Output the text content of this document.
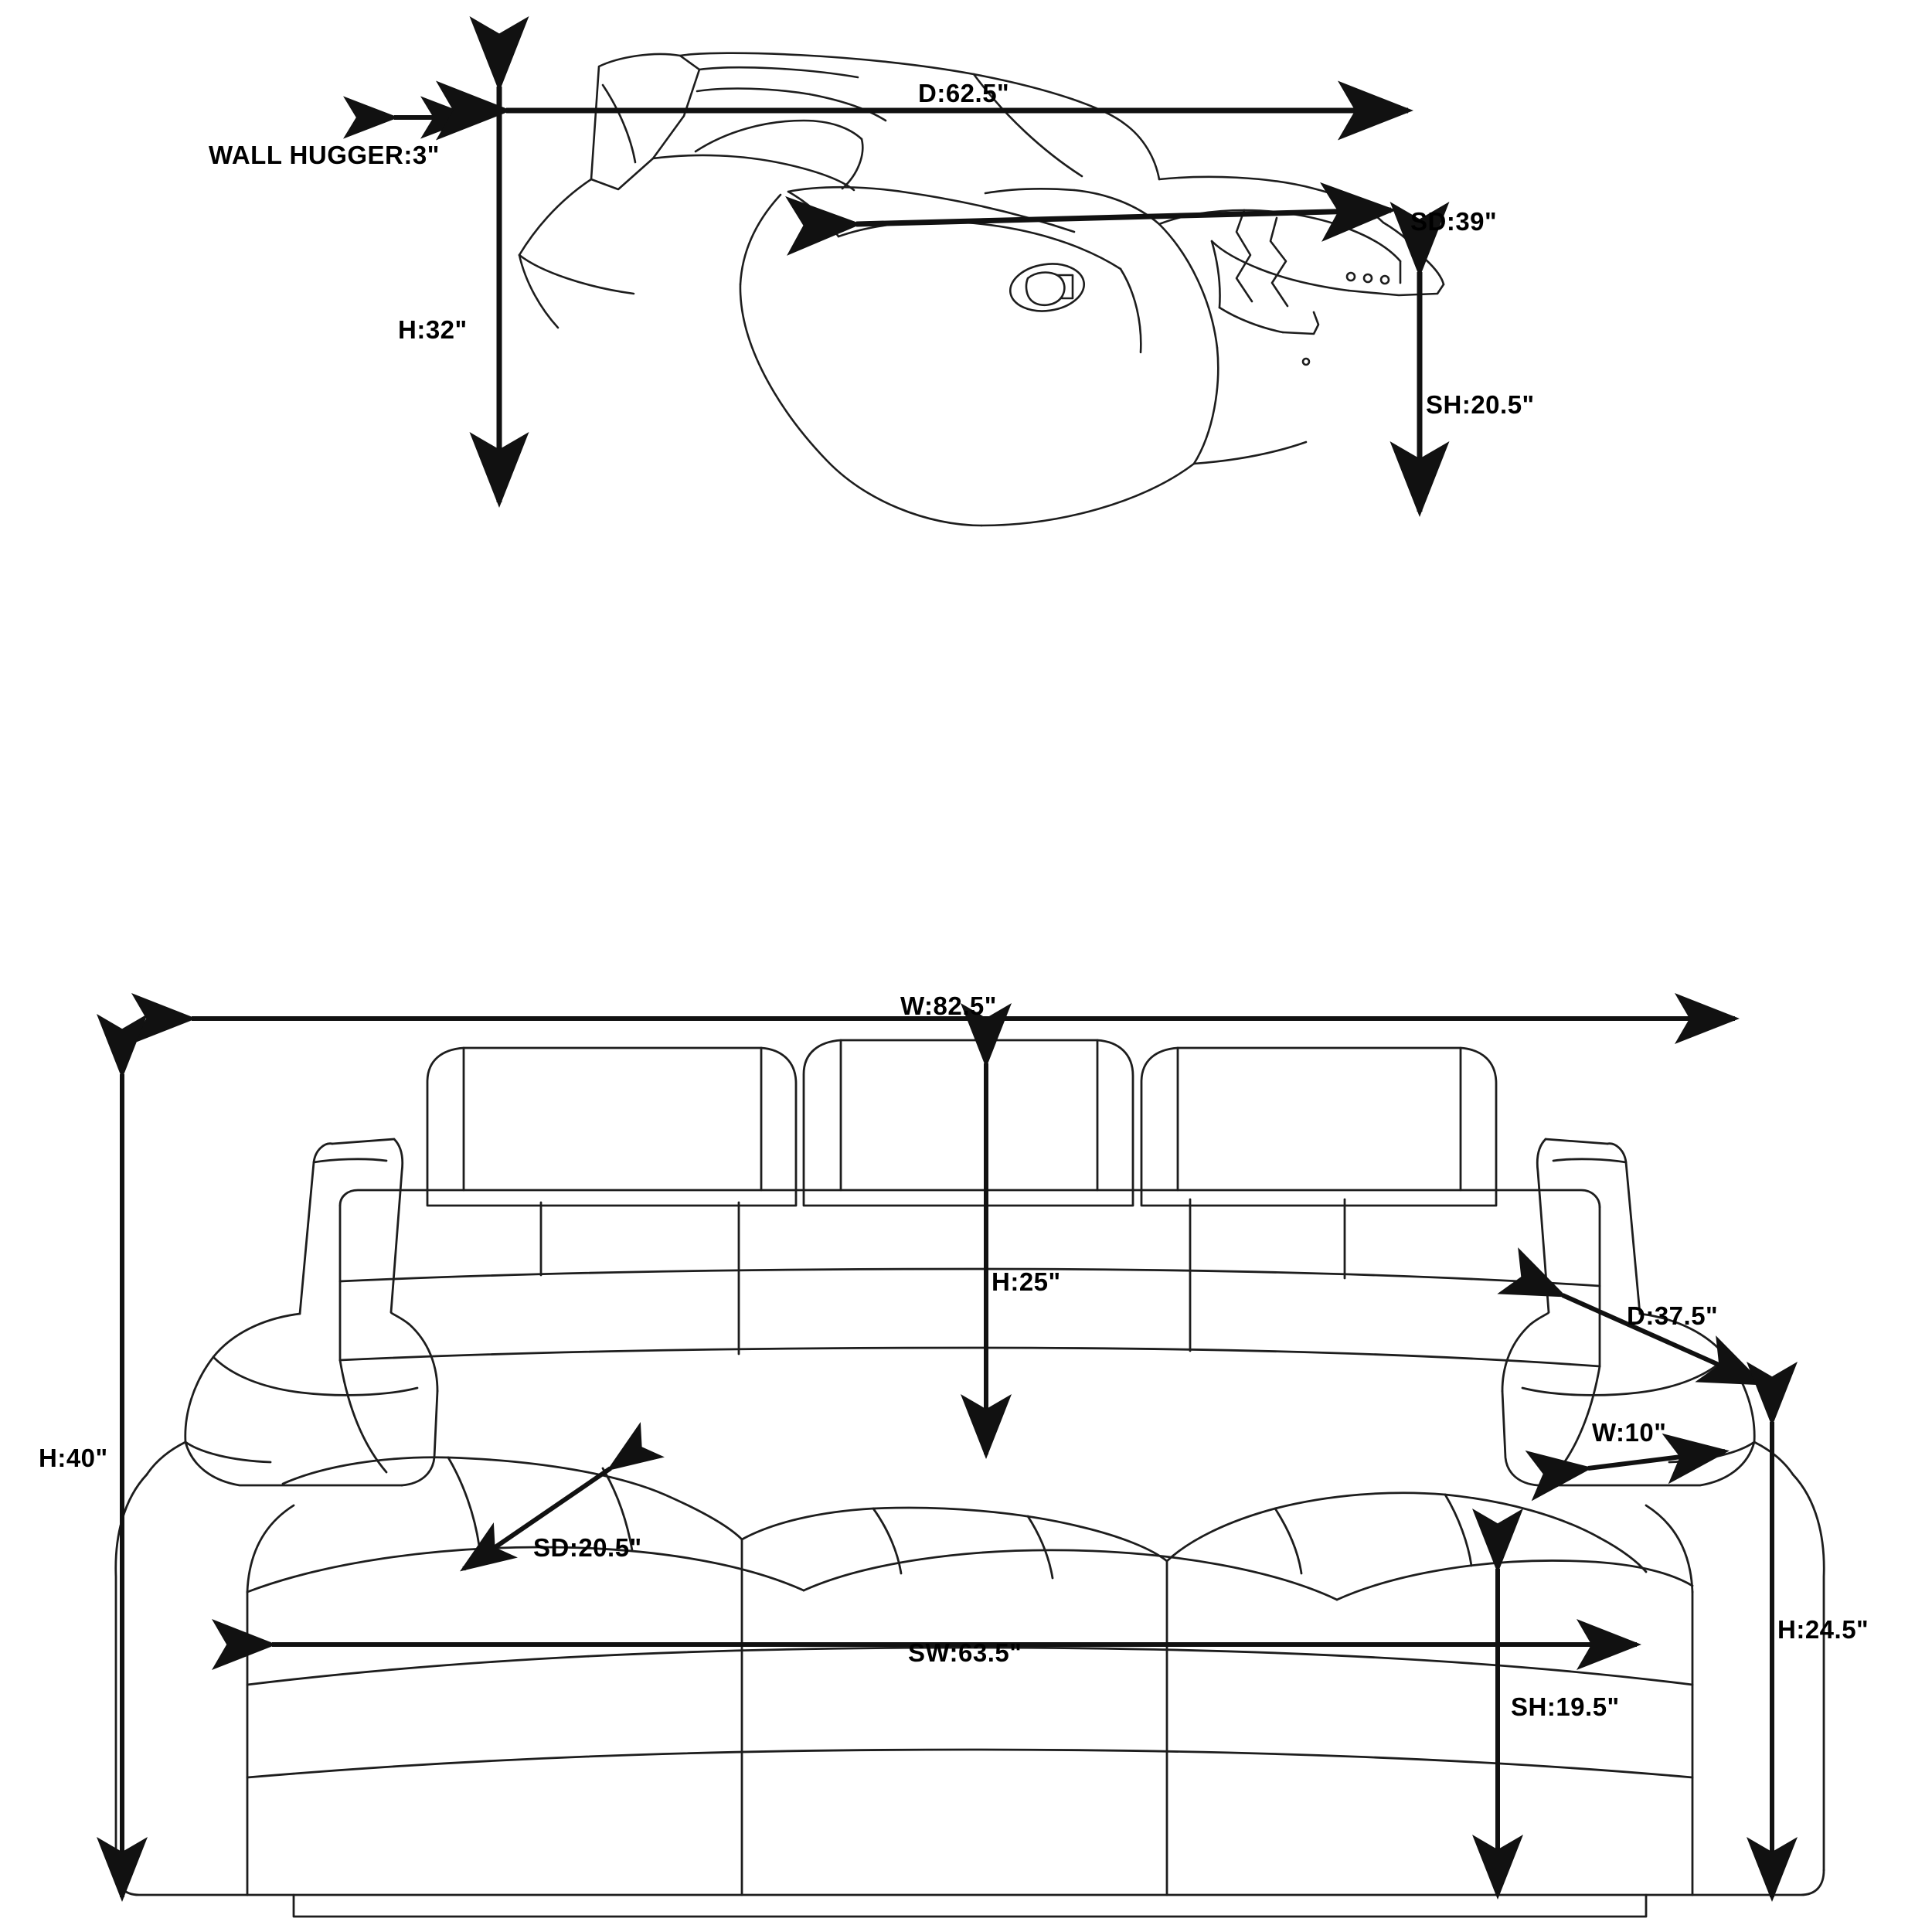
WALL HUGGER:3"
D:62.5"
SD:39"
H:32"
SH:20.5"
W:82.5"
H:25"
D:37.5"
W:10"
H:40"
SD:20.5"
SW:63.5"
H:24.5"
SH:19.5"
